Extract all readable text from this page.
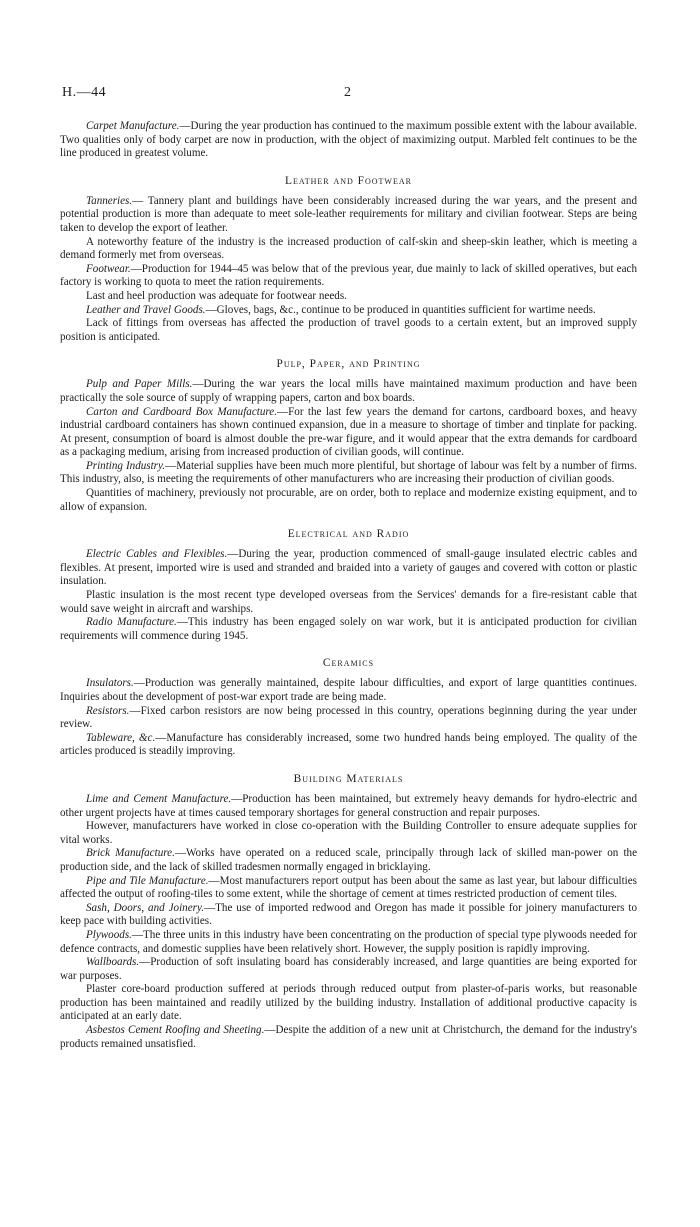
H.—44	2

Carpet Manufacture.—During the year production has continued to the maximum possible extent with the labour available. Two qualities only of body carpet are now in production, with the object of maximizing output. Marbled felt continues to be the line produced in greatest volume.

Leather and Footwear

Tanneries.— Tannery plant and buildings have been considerably increased during the war years, and the present and potential production is more than adequate to meet sole-leather requirements for military and civilian footwear. Steps are being taken to develop the export of leather.

A noteworthy feature of the industry is the increased production of calf-skin and sheep-skin leather, which is meeting a demand formerly met from overseas.

Footwear.—Production for 1944–45 was below that of the previous year, due mainly to lack of skilled operatives, but each factory is working to quota to meet the ration requirements.

Last and heel production was adequate for footwear needs.

Leather and Travel Goods.—Gloves, bags, &c., continue to be produced in quantities sufficient for wartime needs.

Lack of fittings from overseas has affected the production of travel goods to a certain extent, but an improved supply position is anticipated.

Pulp, Paper, and Printing

Pulp and Paper Mills.—During the war years the local mills have maintained maximum production and have been practically the sole source of supply of wrapping papers, carton and box boards.

Carton and Cardboard Box Manufacture.—For the last few years the demand for cartons, cardboard boxes, and heavy industrial cardboard containers has shown continued expansion, due in a measure to shortage of timber and tinplate for packing. At present, consumption of board is almost double the pre-war figure, and it would appear that the extra demands for cardboard as a packaging medium, arising from increased production of civilian goods, will continue.

Printing Industry.—Material supplies have been much more plentiful, but shortage of labour was felt by a number of firms. This industry, also, is meeting the requirements of other manufacturers who are increasing their production of civilian goods.

Quantities of machinery, previously not procurable, are on order, both to replace and modernize existing equipment, and to allow of expansion.

Electrical and Radio

Electric Cables and Flexibles.—During the year, production commenced of small-gauge insulated electric cables and flexibles. At present, imported wire is used and stranded and braided into a variety of gauges and covered with cotton or plastic insulation.

Plastic insulation is the most recent type developed overseas from the Services' demands for a fire-resistant cable that would save weight in aircraft and warships.

Radio Manufacture.—This industry has been engaged solely on war work, but it is anticipated production for civilian requirements will commence during 1945.

Ceramics

Insulators.—Production was generally maintained, despite labour difficulties, and export of large quantities continues. Inquiries about the development of post-war export trade are being made.

Resistors.—Fixed carbon resistors are now being processed in this country, operations beginning during the year under review.

Tableware, &c.—Manufacture has considerably increased, some two hundred hands being employed. The quality of the articles produced is steadily improving.

Building Materials

Lime and Cement Manufacture.—Production has been maintained, but extremely heavy demands for hydro-electric and other urgent projects have at times caused temporary shortages for general construction and repair purposes.

However, manufacturers have worked in close co-operation with the Building Controller to ensure adequate supplies for vital works.

Brick Manufacture.—Works have operated on a reduced scale, principally through lack of skilled man-power on the production side, and the lack of skilled tradesmen normally engaged in bricklaying.

Pipe and Tile Manufacture.—Most manufacturers report output has been about the same as last year, but labour difficulties affected the output of roofing-tiles to some extent, while the shortage of cement at times restricted production of cement tiles.

Sash, Doors, and Joinery.—The use of imported redwood and Oregon has made it possible for joinery manufacturers to keep pace with building activities.

Plywoods.—The three units in this industry have been concentrating on the production of special type plywoods needed for defence contracts, and domestic supplies have been relatively short. However, the supply position is rapidly improving.

Wallboards.—Production of soft insulating board has considerably increased, and large quantities are being exported for war purposes.

Plaster core-board production suffered at periods through reduced output from plaster-of-paris works, but reasonable production has been maintained and readily utilized by the building industry. Installation of additional productive capacity is anticipated at an early date.

Asbestos Cement Roofing and Sheeting.—Despite the addition of a new unit at Christchurch, the demand for the industry's products remained unsatisfied.
